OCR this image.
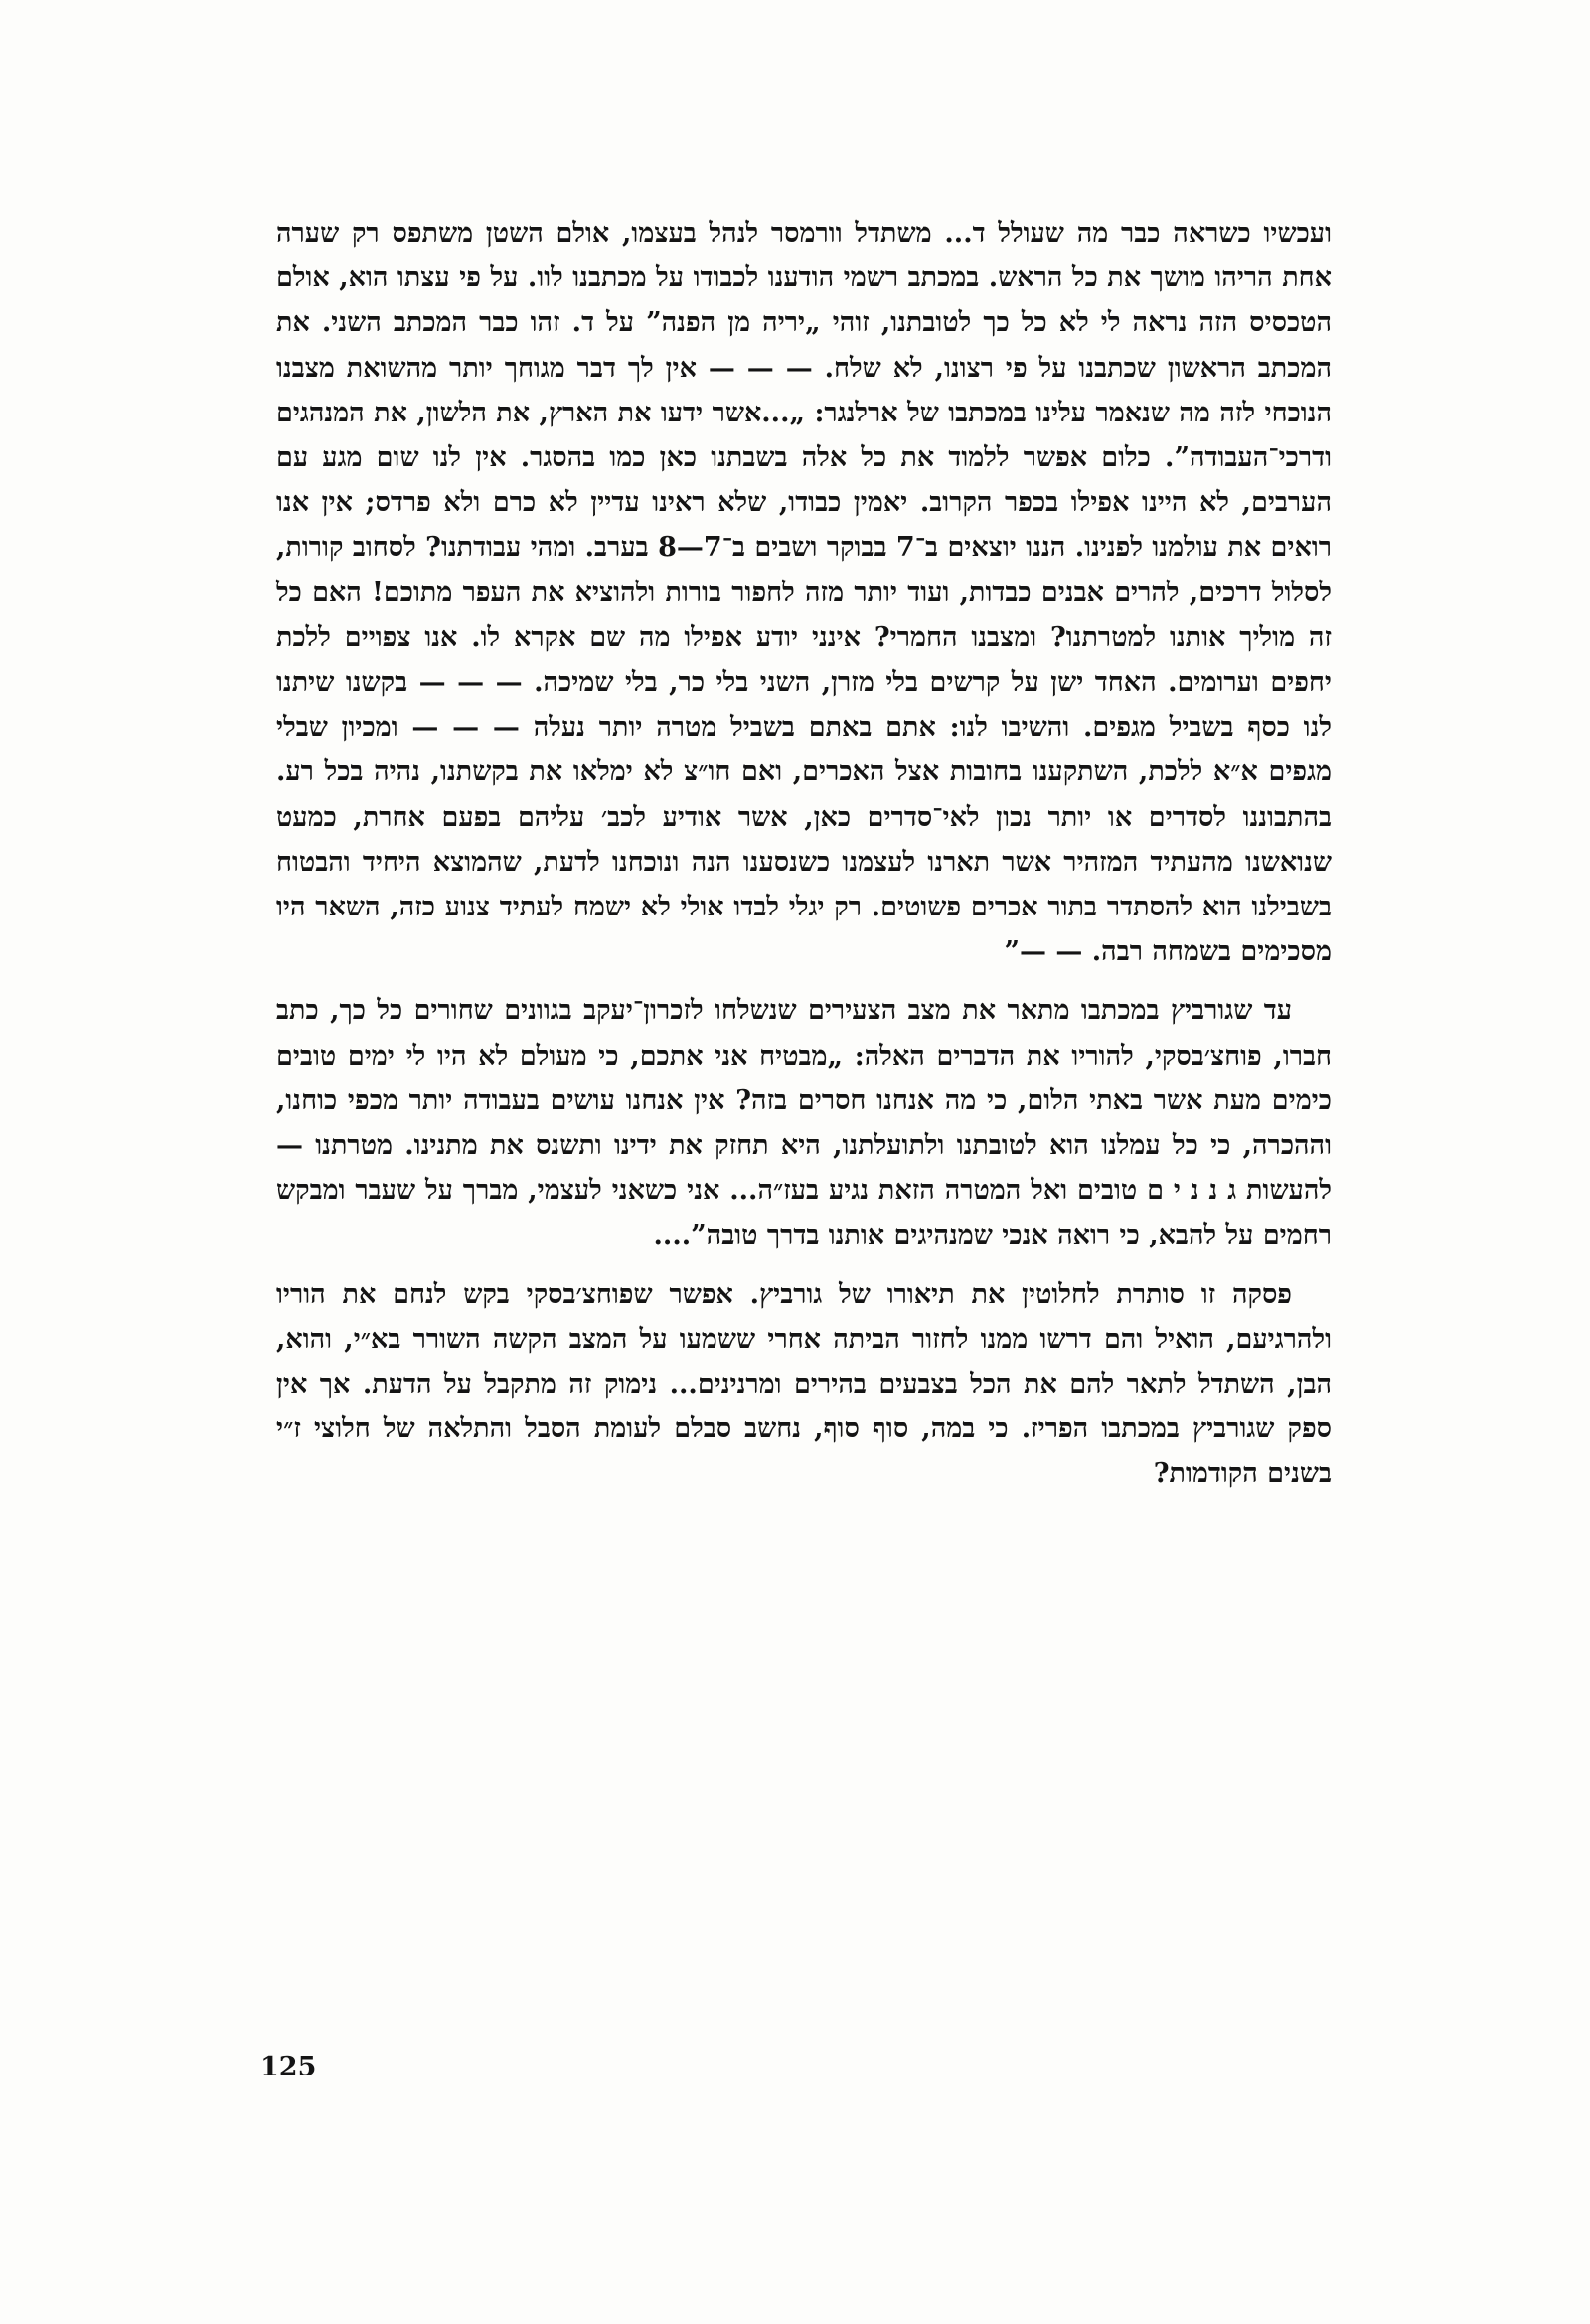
ועכשיו כשראה כבר מה שעולל ד... משתדל וורמסר לנהל בעצמו, אולם השטן משתפס רק שערה אחת הריהו מושך את כל הראש. במכתב רשמי הודענו לכבודו על מכתבנו לוו. על פי עצתו הוא, אולם הטכסיס הזה נראה לי לא כל כך לטובתנו, זוהי „יריה מן הפנה” על ד. זהו כבר המכתב השני. את המכתב הראשון שכתבנו על פי רצונו, לא שלח. — — — אין לך דבר מגוחך יותר מהשואת מצבנו הנוכחי לזה מה שנאמר עלינו במכתבו של ארלנגר: „...אשר ידעו את הארץ, את הלשון, את המנהגים ודרכי־העבודה”. כלום אפשר ללמוד את כל אלה בשבתנו כאן כמו בהסגר. אין לנו שום מגע עם הערבים, לא היינו אפילו בכפר הקרוב. יאמין כבודו, שלא ראינו עדיין לא כרם ולא פרדס; אין אנו רואים את עולמנו לפנינו. הננו יוצאים ב־7 בבוקר ושבים ב־7—8 בערב. ומהי עבודתנו? לסחוב קורות, לסלול דרכים, להרים אבנים כבדות, ועוד יותר מזה לחפור בורות ולהוציא את העפר מתוכם! האם כל זה מוליך אותנו למטרתנו? ומצבנו החמרי? אינני יודע אפילו מה שם אקרא לו. אנו צפויים ללכת יחפים וערומים. האחד ישן על קרשים בלי מזרן, השני בלי כר, בלי שמיכה. — — — בקשנו שיתנו לנו כסף בשביל מגפים. והשיבו לנו: אתם באתם בשביל מטרה יותר נעלה — — — ומכיון שבלי מגפים א״א ללכת, השתקענו בחובות אצל האכרים, ואם חו״צ לא ימלאו את בקשתנו, נהיה בכל רע. בהתבוננו לסדרים או יותר נכון לאי־סדרים כאן, אשר אודיע לכב׳ עליהם בפעם אחרת, כמעט שנואשנו מהעתיד המזהיר אשר תארנו לעצמנו כשנסענו הנה ונוכחנו לדעת, שהמוצא היחיד והבטוח בשבילנו הוא להסתדר בתור אכרים פשוטים. רק יגלי לבדו אולי לא ישמח לעתיד צנוע כזה, השאר היו מסכימים בשמחה רבה. — —”

עד שגורביץ במכתבו מתאר את מצב הצעירים שנשלחו לזכרון־יעקב בגוונים שחורים כל כך, כתב חברו, פוחצ׳בסקי, להוריו את הדברים האלה: „מבטיח אני אתכם, כי מעולם לא היו לי ימים טובים כימים מעת אשר באתי הלום, כי מה אנחנו חסרים בזה? אין אנחנו עושים בעבודה יותר מכפי כוחנו, וההכרה, כי כל עמלנו הוא לטובתנו ולתועלתנו, היא תחזק את ידינו ותשנס את מתנינו. מטרתנו — להעשות ג נ נ י ם טובים ואל המטרה הזאת נגיע בעז״ה... אני כשאני לעצמי, מברך על שעבר ומבקש רחמים על להבא, כי רואה אנכי שמנהיגים אותנו בדרך טובה”....

פסקה זו סותרת לחלוטין את תיאורו של גורביץ. אפשר שפוחצ׳בסקי בקש לנחם את הוריו ולהרגיעם, הואיל והם דרשו ממנו לחזור הביתה אחרי ששמעו על המצב הקשה השורר בא״י, והוא, הבן, השתדל לתאר להם את הכל בצבעים בהירים ומרנינים... נימוק זה מתקבל על הדעת. אך אין ספק שגורביץ במכתבו הפריז. כי במה, סוף סוף, נחשב סבלם לעומת הסבל והתלאה של חלוצי ז״י בשנים הקודמות?

125
